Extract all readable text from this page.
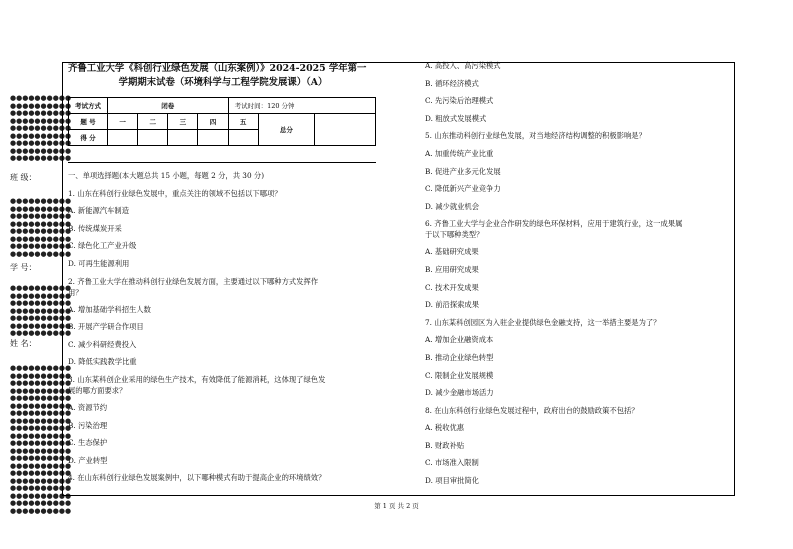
●●●●●●●●●●
●●●●●●●●●●
●●●●●●●●●●
●●●●●●●●●●
●●●●●●●●●●
●●●●●●●●●●
●●●●●●●●●●
●●●●●●●●●●
●●●●●●●●●●
班 级：
●●●●●●●●●●
●●●●●●●●●●
●●●●●●●●●●
●●●●●●●●●●
●●●●●●●●●●
●●●●●●●●●●
●●●●●●●●●●
●●●●●●●●●●
学 号：
●●●●●●●●●●
●●●●●●●●●●
●●●●●●●●●●
●●●●●●●●●●
●●●●●●●●●●
●●●●●●●●●●
●●●●●●●●●●
姓 名：
●●●●●●●●●●
●●●●●●●●●●
●●●●●●●●●●
●●●●●●●●●●
●●●●●●●●●●
●●●●●●●●●●
●●●●●●●●●●
●●●●●●●●●●
●●●●●●●●●●
●●●●●●●●●●
●●●●●●●●●●
●●●●●●●●●●
●●●●●●●●●●
●●●●●●●●●●
●●●●●●●●●●
●●●●●●●●●●
●●●●●●●●●●
●●●●●●●●●●
●●●●●●●●●●
●●●●●●●●●●
齐鲁工业大学《科创行业绿色发展（山东案例）》2024-2025 学年第一
学期期末试卷（环境科学与工程学院发展课）（A）
考试方式	闭卷				考试时间：120 分钟		
题 号	一	二	三	四	五	总分	
得 分							
一、单项选择题(本大题总共 15 小题，每题 2 分，共 30 分)
1. 山东在科创行业绿色发展中，重点关注的领域不包括以下哪项？
A. 新能源汽车制造
B. 传统煤炭开采
C. 绿色化工产业升级
D. 可再生能源利用
2. 齐鲁工业大学在推动科创行业绿色发展方面，主要通过以下哪种方式发挥作
用？
A. 增加基础学科招生人数
B. 开展产学研合作项目
C. 减少科研经费投入
D. 降低实践教学比重
3. 山东某科创企业采用的绿色生产技术，有效降低了能源消耗，这体现了绿色发
展的哪方面要求？
A. 资源节约
B. 污染治理
C. 生态保护
D. 产业转型
4. 在山东科创行业绿色发展案例中，以下哪种模式有助于提高企业的环境绩效？
A. 高投入、高污染模式
B. 循环经济模式
C. 先污染后治理模式
D. 粗放式发展模式
5. 山东推动科创行业绿色发展，对当地经济结构调整的积极影响是？
A. 加重传统产业比重
B. 促进产业多元化发展
C. 降低新兴产业竞争力
D. 减少就业机会
6. 齐鲁工业大学与企业合作研发的绿色环保材料，应用于建筑行业，这一成果属
于以下哪种类型？
A. 基础研究成果
B. 应用研究成果
C. 技术开发成果
D. 前沿探索成果
7. 山东某科创园区为入驻企业提供绿色金融支持，这一举措主要是为了？
A. 增加企业融资成本
B. 推动企业绿色转型
C. 限制企业发展规模
D. 减少金融市场活力
8. 在山东科创行业绿色发展过程中，政府出台的鼓励政策不包括？
A. 税收优惠
B. 财政补贴
C. 市场准入限制
D. 项目审批简化
第 1 页 共 2 页
